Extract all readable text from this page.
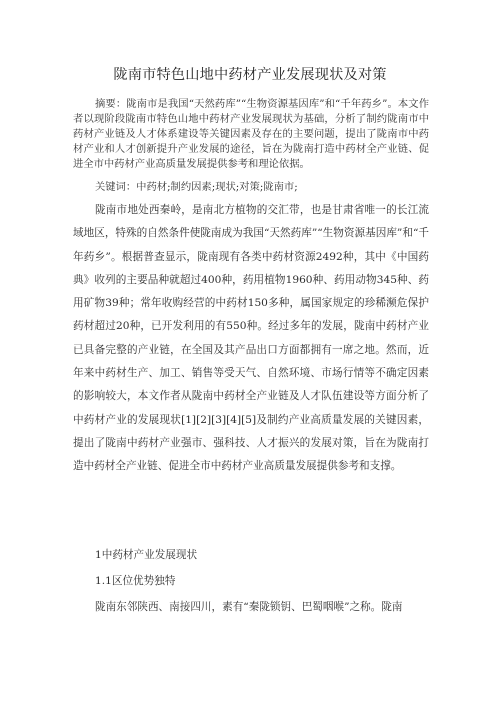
陇南市特色山地中药材产业发展现状及对策

摘要：陇南市是我国“天然药库”“生物资源基因库”和“千年药乡”。本文作者以现阶段陇南市特色山地中药材产业发展现状为基础，分析了制约陇南市中药材产业链及人才体系建设等关键因素及存在的主要问题，提出了陇南市中药材产业和人才创新提升产业发展的途径，旨在为陇南打造中药材全产业链、促进全市中药材产业高质量发展提供参考和理论依据。

关键词：中药材;制约因素;现状;对策;陇南市;

陇南市地处西秦岭，是南北方植物的交汇带，也是甘肃省唯一的长江流域地区，特殊的自然条件使陇南成为我国“天然药库”“生物资源基因库”和“千年药乡”。根据普查显示，陇南现有各类中药材资源2492种，其中《中国药典》收列的主要品种就超过400种，药用植物1960种、药用动物345种、药用矿物39种；常年收购经营的中药材150多种，属国家规定的珍稀濒危保护药材超过20种，已开发利用的有550种。经过多年的发展，陇南中药材产业已具备完整的产业链，在全国及其产品出口方面都拥有一席之地。然而，近年来中药材生产、加工、销售等受天气、自然环境、市场行情等不确定因素的影响较大，本文作者从陇南中药材全产业链及人才队伍建设等方面分析了中药材产业的发展现状[1][2][3][4][5]及制约产业高质量发展的关键因素，提出了陇南中药材产业强市、强科技、人才振兴的发展对策，旨在为陇南打造中药材全产业链、促进全市中药材产业高质量发展提供参考和支撑。

1中药材产业发展现状
1.1区位优势独特
陇南东邻陕西、南接四川，素有“秦陇锁钥、巴蜀咽喉”之称。陇南
